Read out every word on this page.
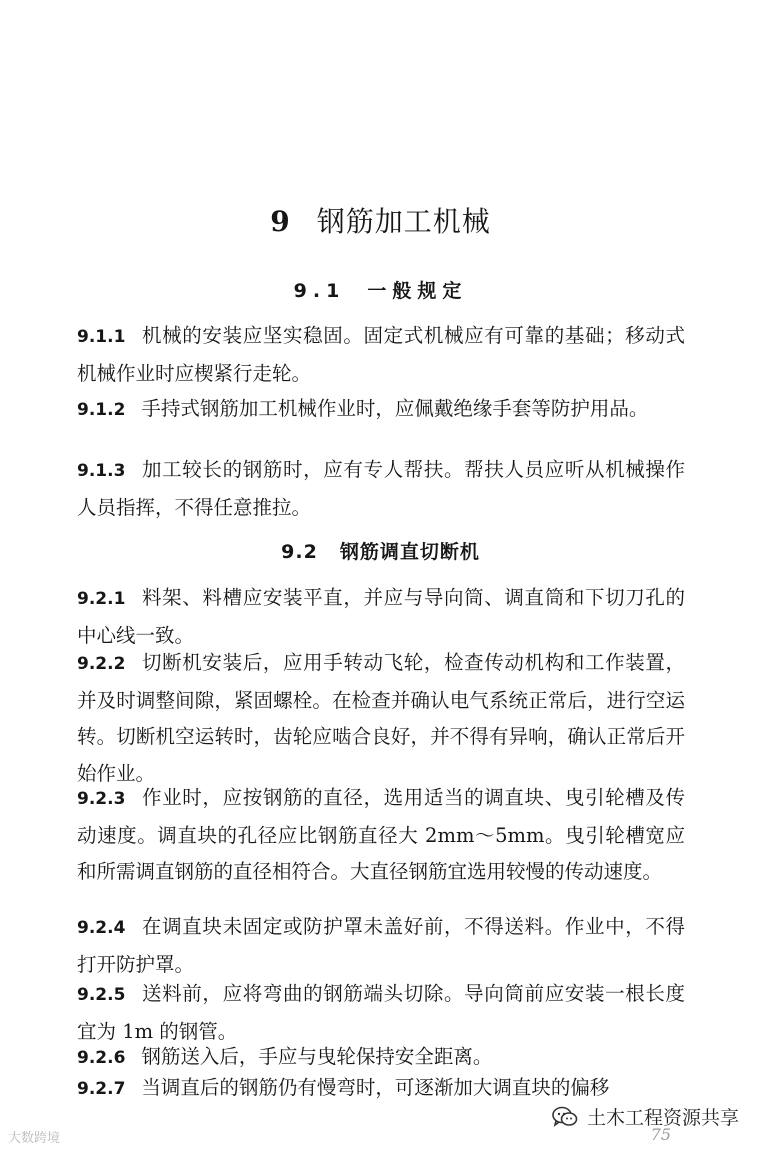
9 钢筋加工机械
9.1 一般规定

9.1.1 机械的安装应坚实稳固。固定式机械应有可靠的基础；移动式机械作业时应楔紧行走轮。

9.1.2 手持式钢筋加工机械作业时，应佩戴绝缘手套等防护用品。

9.1.3 加工较长的钢筋时，应有专人帮扶。帮扶人员应听从机械操作人员指挥，不得任意推拉。

9.2 钢筋调直切断机

9.2.1 料架、料槽应安装平直，并应与导向筒、调直筒和下切刀孔的中心线一致。

9.2.2 切断机安装后，应用手转动飞轮，检查传动机构和工作装置，并及时调整间隙，紧固螺栓。在检查并确认电气系统正常后，进行空运转。切断机空运转时，齿轮应啮合良好，并不得有异响，确认正常后开始作业。

9.2.3 作业时，应按钢筋的直径，选用适当的调直块、曳引轮槽及传动速度。调直块的孔径应比钢筋直径大 2mm～5mm。曳引轮槽宽应和所需调直钢筋的直径相符合。大直径钢筋宜选用较慢的传动速度。

9.2.4 在调直块未固定或防护罩未盖好前，不得送料。作业中，不得打开防护罩。

9.2.5 送料前，应将弯曲的钢筋端头切除。导向筒前应安装一根长度宜为 1m 的钢管。

9.2.6 钢筋送入后，手应与曳轮保持安全距离。

9.2.7 当调直后的钢筋仍有慢弯时，可逐渐加大调直块的偏移

75
大数跨境
土木工程资源共享
